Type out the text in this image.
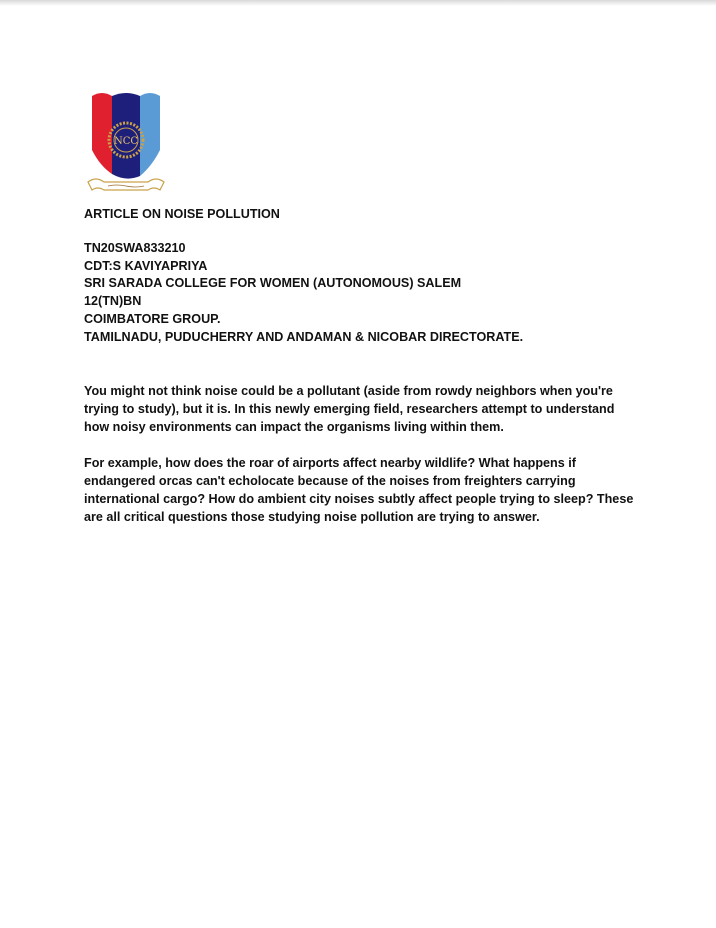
NCC
ARTICLE ON NOISE POLLUTION
TN20SWA833210
CDT:S KAVIYAPRIYA
SRI SARADA COLLEGE FOR WOMEN (AUTONOMOUS) SALEM
12(TN)BN
COIMBATORE GROUP.
TAMILNADU, PUDUCHERRY AND ANDAMAN & NICOBAR DIRECTORATE.

You might not think noise could be a pollutant (aside from rowdy neighbors when you're trying to study), but it is. In this newly emerging field, researchers attempt to understand how noisy environments can impact the organisms living within them.

For example, how does the roar of airports affect nearby wildlife? What happens if endangered orcas can't echolocate because of the noises from freighters carrying international cargo? How do ambient city noises subtly affect people trying to sleep? These are all critical questions those studying noise pollution are trying to answer.
